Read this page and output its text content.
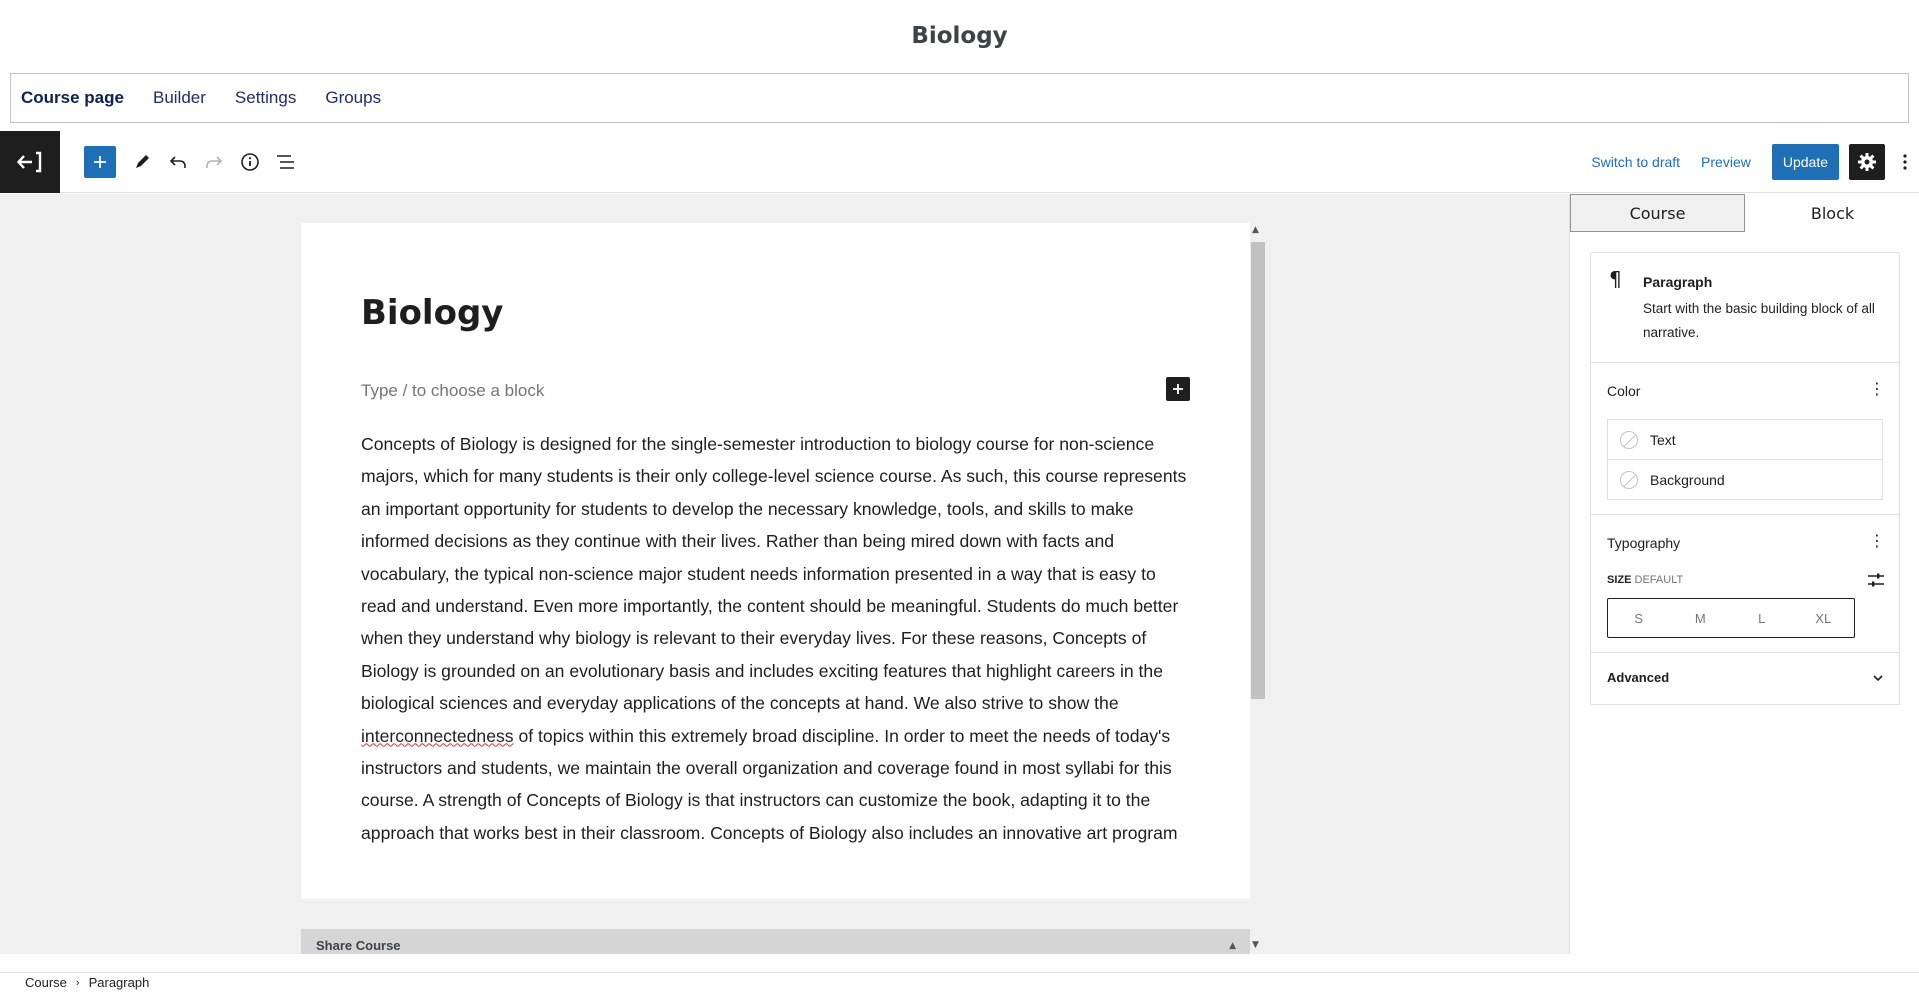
Biology
Course page Builder Settings Groups
Switch to draft Preview	Update
Biology
Type / to choose a block
Concepts of Biology is designed for the single-semester introduction to biology course for non-science majors, which for many students is their only college-level science course. As such, this course represents an important opportunity for students to develop the necessary knowledge, tools, and skills to make informed decisions as they continue with their lives. Rather than being mired down with facts and vocabulary, the typical non-science major student needs information presented in a way that is easy to read and understand. Even more importantly, the content should be meaningful. Students do much better when they understand why biology is relevant to their everyday lives. For these reasons, Concepts of Biology is grounded on an evolutionary basis and includes exciting features that highlight careers in the biological sciences and everyday applications of the concepts at hand. We also strive to show the interconnectedness of topics within this extremely broad discipline. In order to meet the needs of today's instructors and students, we maintain the overall organization and coverage found in most syllabi for this course. A strength of Concepts of Biology is that instructors can customize the book, adapting it to the approach that works best in their classroom. Concepts of Biology also includes an innovative art program
▲
▼
Share Course	▲
Course	Block
¶ Paragraph
Start with the basic building block of all narrative.
Color	⋮
Text
Background
Typography	⋮
SIZE DEFAULT
S	M	L	XL
Advanced
Course › Paragraph
